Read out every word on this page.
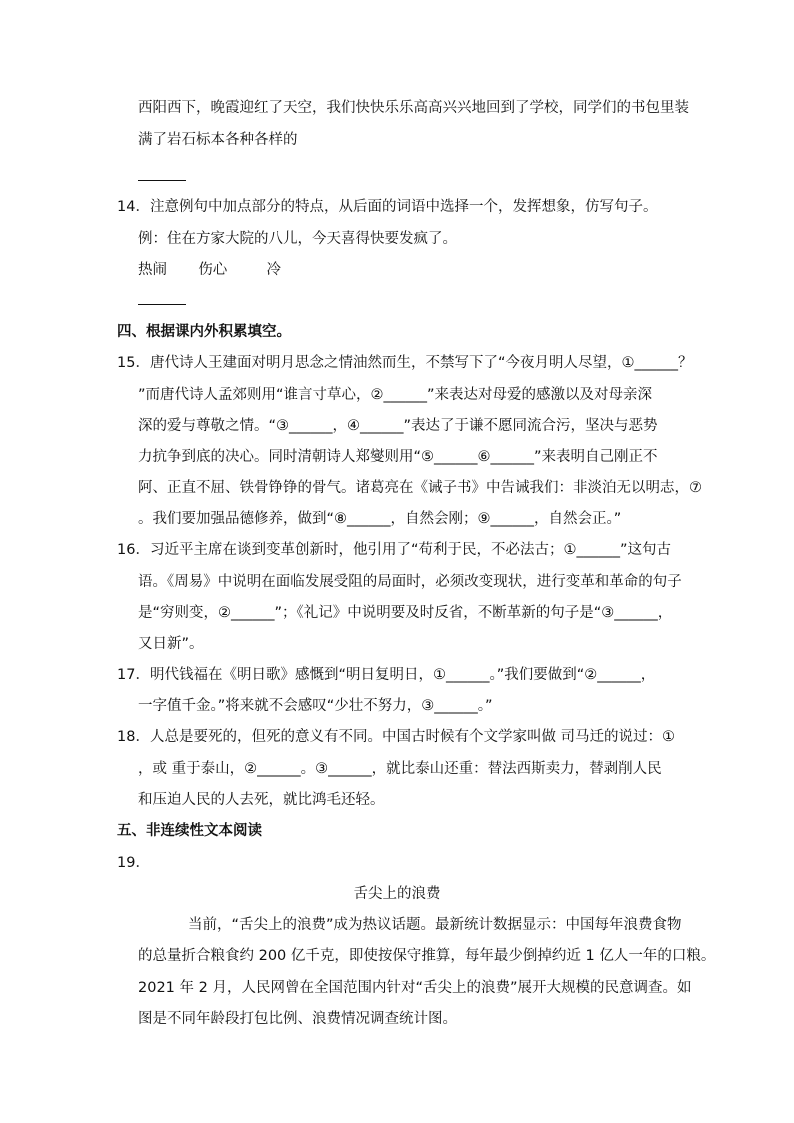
西阳西下，晚霞迎红了天空，我们快快乐乐高高兴兴地回到了学校，同学们的书包里装
满了岩石标本各种各样的
14．注意例句中加点部分的特点，从后面的词语中选择一个，发挥想象，仿写句子。
例：住在方家大院的八儿，今天喜得快要发疯了。
热闹 伤心	冷
四、根据课内外积累填空。
15．唐代诗人王建面对明月思念之情油然而生，不禁写下了“今夜月明人尽望，①______？
”而唐代诗人孟郊则用“谁言寸草心，②______”来表达对母爱的感激以及对母亲深
深的爱与尊敬之情。“③______，④______”表达了于谦不愿同流合污，坚决与恶势
力抗争到底的决心。同时清朝诗人郑燮则用“⑤______⑥______”来表明自己刚正不
阿、正直不屈、铁骨铮铮的骨气。诸葛亮在《诫子书》中告诫我们：非淡泊无以明志，⑦
。我们要加强品德修养，做到“⑧______，自然会刚；⑨______，自然会正。”
16．习近平主席在谈到变革创新时，他引用了“苟利于民，不必法古；①______”这句古
语。《周易》中说明在面临发展受阻的局面时，必须改变现状，进行变革和革命的句子
是“穷则变，②______”；《礼记》中说明要及时反省，不断革新的句子是“③______，
又日新”。
17．明代钱福在《明日歌》感慨到“明日复明日，①______。”我们要做到“②______，
一字值千金。”将来就不会感叹“少壮不努力，③______。”
18．人总是要死的，但死的意义有不同。中国古时候有个文学家叫做 司马迁的说过：①
，或 重于泰山，②______。③______，就比泰山还重：替法西斯卖力，替剥削人民
和压迫人民的人去死，就比鸿毛还轻。
五、非连续性文本阅读
19．
舌尖上的浪费
当前，“舌尖上的浪费”成为热议话题。最新统计数据显示：中国每年浪费食物
的总量折合粮食约 200 亿千克，即使按保守推算，每年最少倒掉约近 1 亿人一年的口粮。
2021 年 2 月，人民网曾在全国范围内针对“舌尖上的浪费”展开大规模的民意调查。如
图是不同年龄段打包比例、浪费情况调查统计图。
